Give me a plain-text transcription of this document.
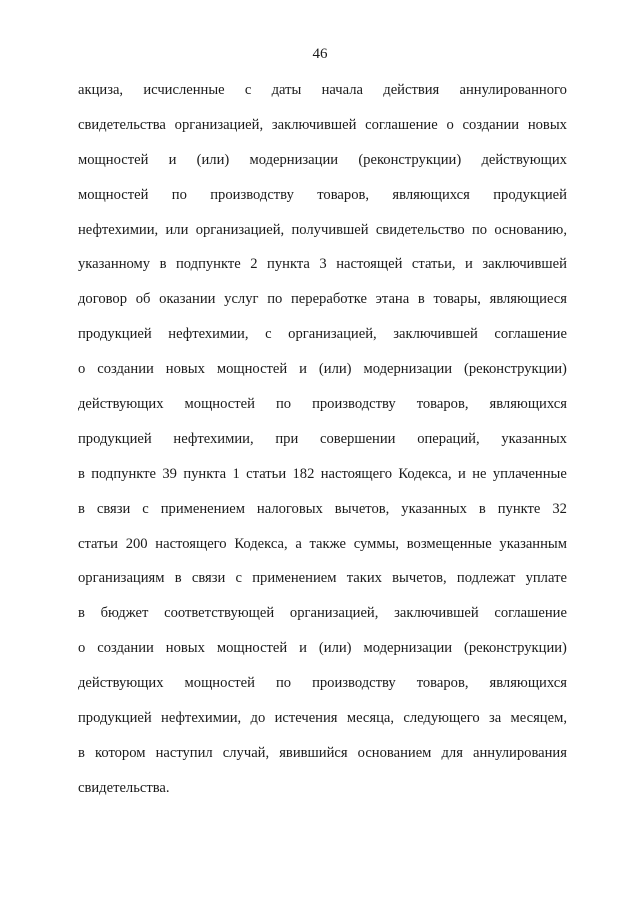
46
акциза, исчисленные с даты начала действия аннулированного
свидетельства организацией, заключившей соглашение о создании новых
мощностей и (или) модернизации (реконструкции) действующих
мощностей по производству товаров, являющихся продукцией
нефтехимии, или организацией, получившей свидетельство по основанию,
указанному в подпункте 2 пункта 3 настоящей статьи, и заключившей
договор об оказании услуг по переработке этана в товары, являющиеся
продукцией нефтехимии, с организацией, заключившей соглашение
о создании новых мощностей и (или) модернизации (реконструкции)
действующих мощностей по производству товаров, являющихся
продукцией нефтехимии, при совершении операций, указанных
в подпункте 39 пункта 1 статьи 182 настоящего Кодекса, и не уплаченные
в связи с применением налоговых вычетов, указанных в пункте 32
статьи 200 настоящего Кодекса, а также суммы, возмещенные указанным
организациям в связи с применением таких вычетов, подлежат уплате
в бюджет соответствующей организацией, заключившей соглашение
о создании новых мощностей и (или) модернизации (реконструкции)
действующих мощностей по производству товаров, являющихся
продукцией нефтехимии, до истечения месяца, следующего за месяцем,
в котором наступил случай, явившийся основанием для аннулирования
свидетельства.
